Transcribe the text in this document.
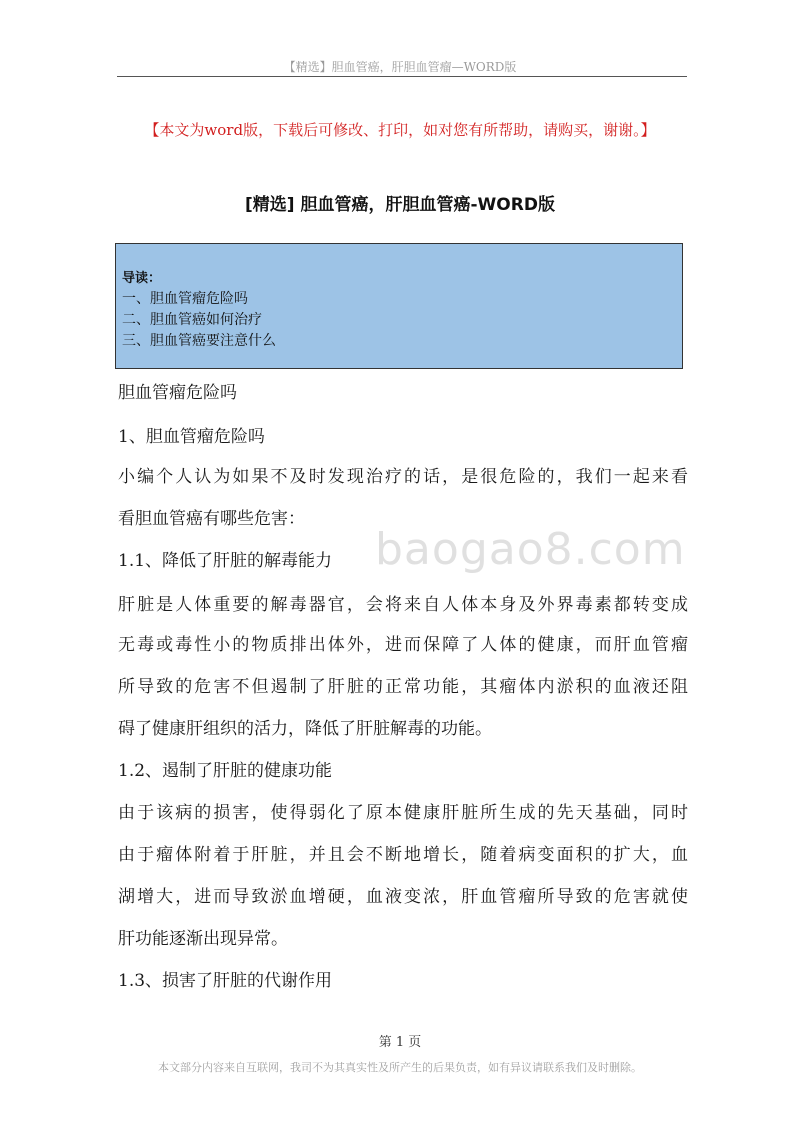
【精选】胆血管癌，肝胆血管瘤—WORD版
【本文为word版，下载后可修改、打印，如对您有所帮助，请购买，谢谢。】
[精选] 胆血管癌，肝胆血管癌-WORD版
导读：
一、胆血管瘤危险吗
二、胆血管癌如何治疗
三、胆血管癌要注意什么
胆血管瘤危险吗
1、胆血管瘤危险吗
小编个人认为如果不及时发现治疗的话，是很危险的，我们一起来看
看胆血管癌有哪些危害：
1.1、降低了肝脏的解毒能力
肝脏是人体重要的解毒器官，会将来自人体本身及外界毒素都转变成
无毒或毒性小的物质排出体外，进而保障了人体的健康，而肝血管瘤
所导致的危害不但遏制了肝脏的正常功能，其瘤体内淤积的血液还阻
碍了健康肝组织的活力，降低了肝脏解毒的功能。
1.2、遏制了肝脏的健康功能
由于该病的损害，使得弱化了原本健康肝脏所生成的先天基础，同时
由于瘤体附着于肝脏，并且会不断地增长，随着病变面积的扩大，血
湖增大，进而导致淤血增硬，血液变浓，肝血管瘤所导致的危害就使
肝功能逐渐出现异常。
1.3、损害了肝脏的代谢作用
baogao8.com
第 1 页
本文部分内容来自互联网，我司不为其真实性及所产生的后果负责，如有异议请联系我们及时删除。
